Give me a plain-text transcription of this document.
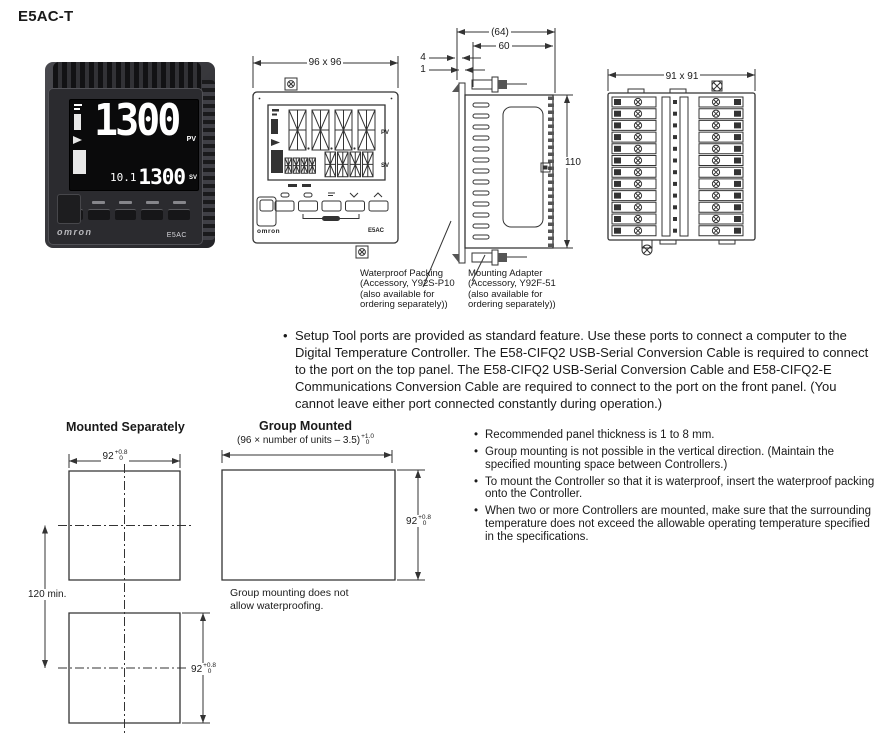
E5AC-T
1300 PV
10.1 1300 SV
omron	E5AC
PV
SV
omron	E5AC
96 x 96
(64)
60
4
1
110
Waterproof Packing
(Accessory, Y92S-P10
(also available for
ordering separately))
Mounting Adapter
(Accessory, Y92F-51
(also available for
ordering separately))
91 x 91
• Setup Tool ports are provided as standard feature. Use these ports to connect a computer to the Digital Temperature Controller. The E58-CIFQ2 USB-Serial Conversion Cable is required to connect to the port on the top panel. The E58-CIFQ2 USB-Serial Conversion Cable and E58-CIFQ2-E Communications Conversion Cable are required to connect to the port on the front panel. (You cannot leave either port connected constantly during operation.)
Mounted Separately	Group Mounted
(96 × number of units – 3.5) +1.0
0
92 +0.8
0
92 +0.8
0
92 +0.8
0
120 min.	Group mounting does not
allow waterproofing.
• Recommended panel thickness is 1 to 8 mm.
• Group mounting is not possible in the vertical direction. (Maintain the specified mounting space between Controllers.)
• To mount the Controller so that it is waterproof, insert the waterproof packing onto the Controller.
• When two or more Controllers are mounted, make sure that the surrounding temperature does not exceed the allowable operating temperature specified in the specifications.
